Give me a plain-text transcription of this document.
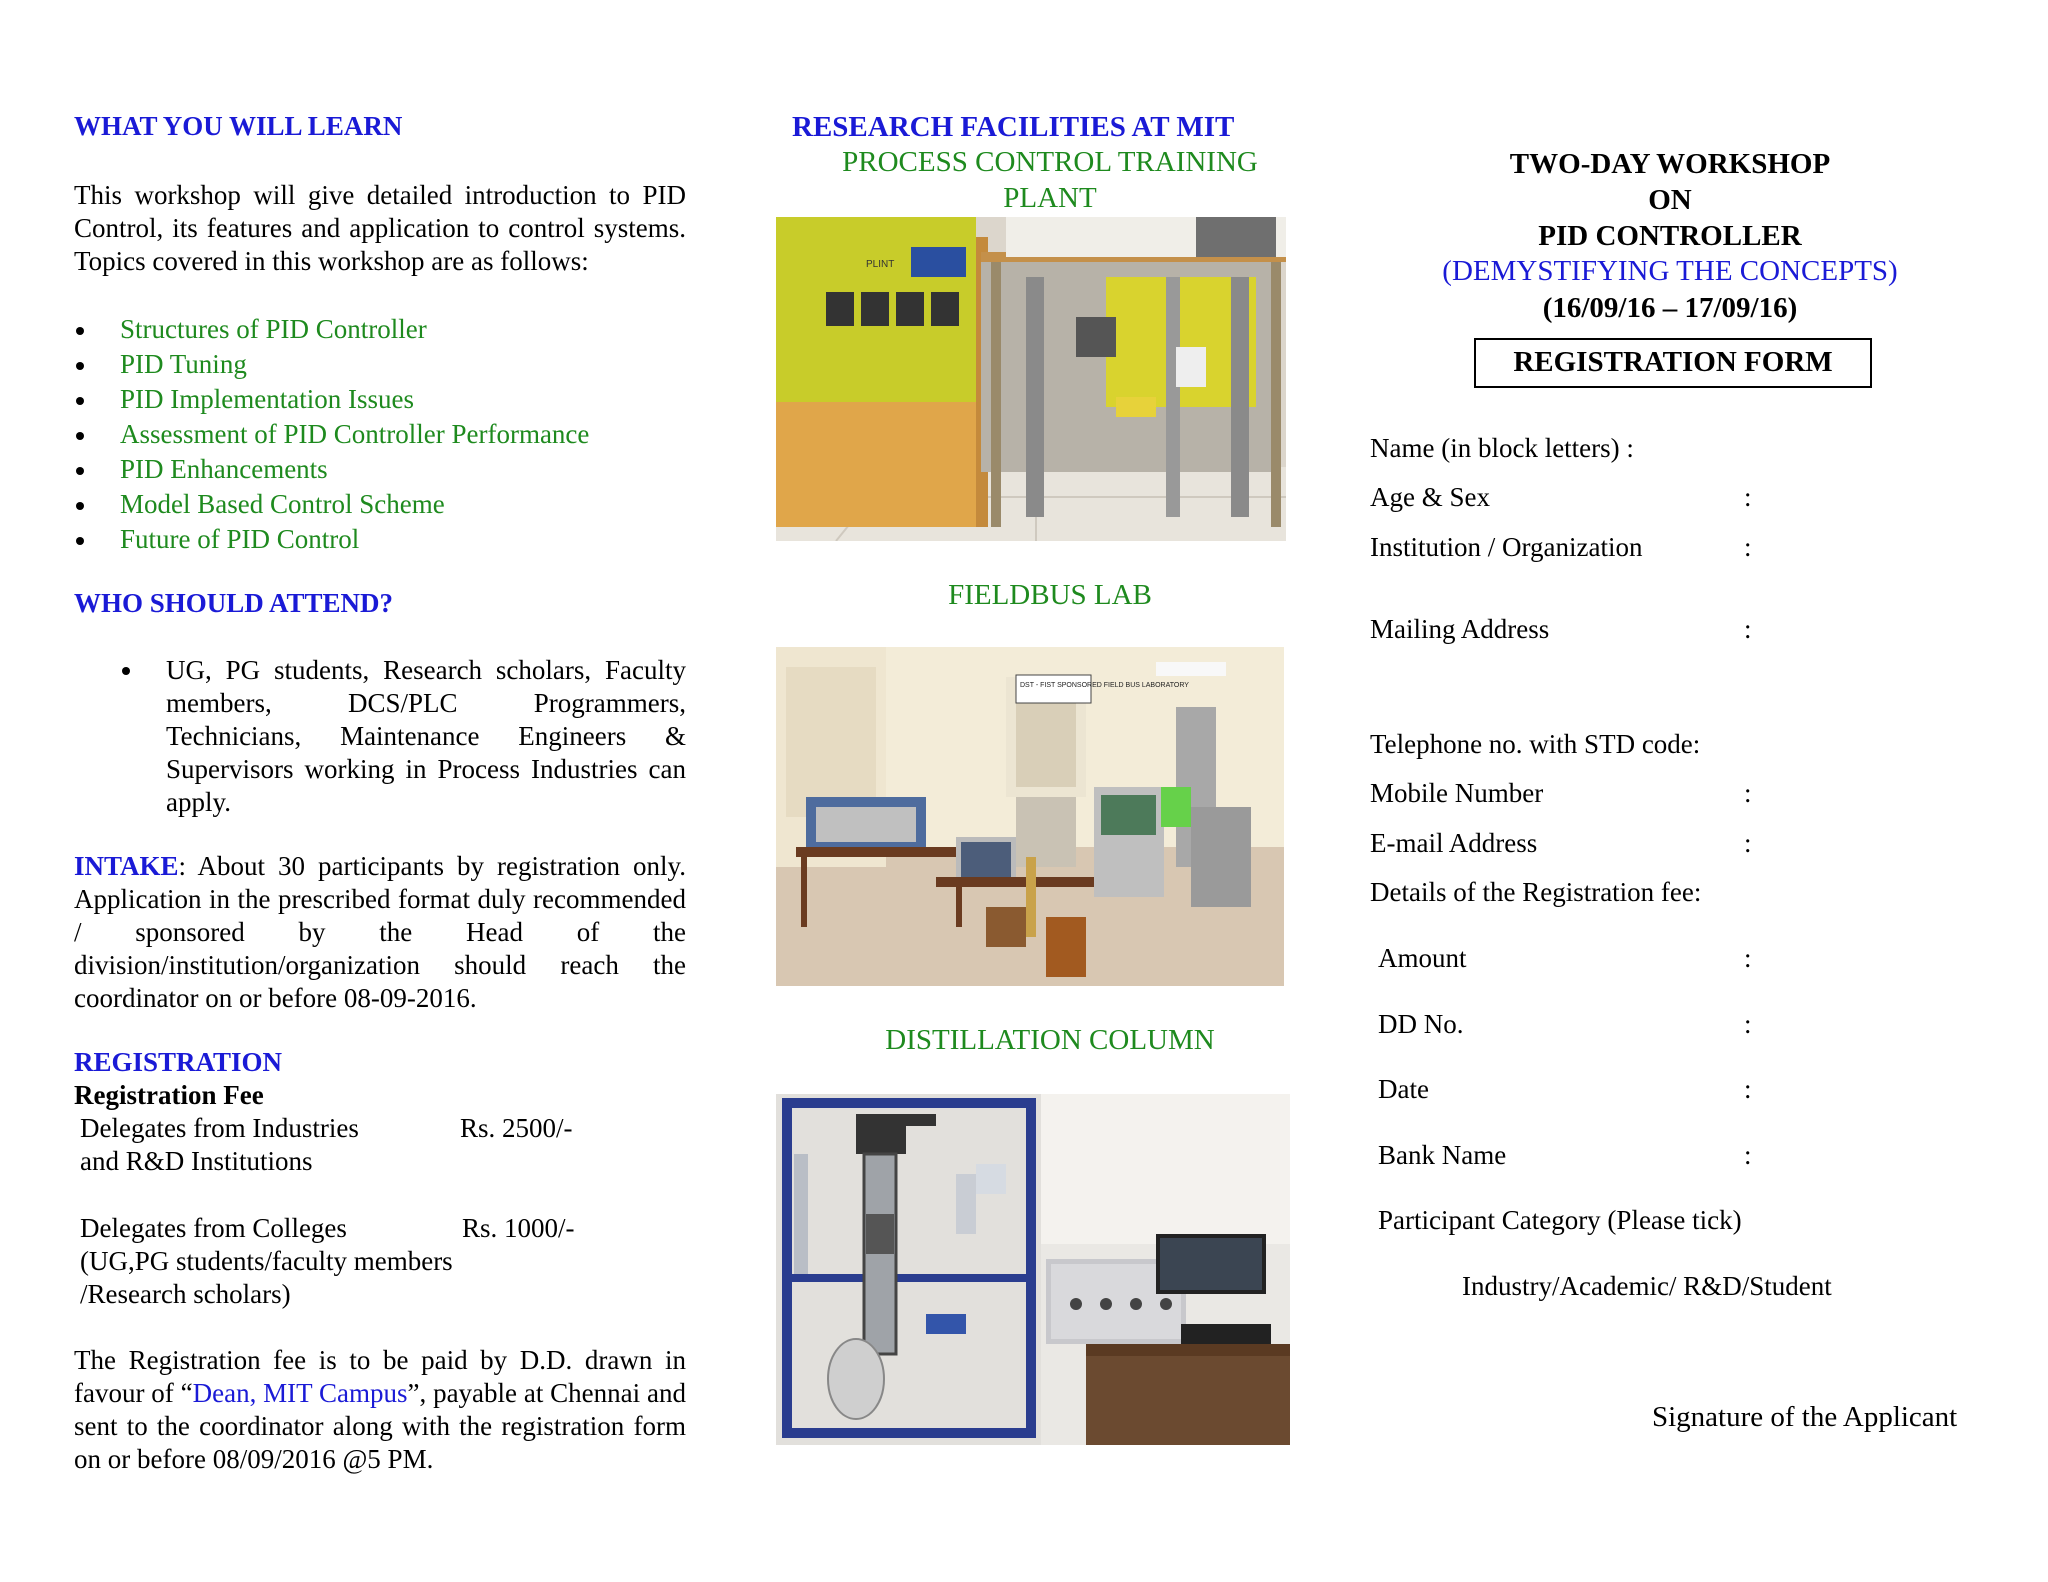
WHAT YOU WILL LEARN
This workshop will give detailed introduction to PID Control, its features and application to control systems. Topics covered in this workshop are as follows:
Structures of PID Controller
PID Tuning
PID Implementation Issues
Assessment of PID Controller Performance
PID Enhancements
Model Based Control Scheme
Future of PID Control
WHO SHOULD ATTEND?
UG, PG students, Research scholars, Faculty members, DCS/PLC Programmers, Technicians, Maintenance Engineers & Supervisors working in Process Industries can apply.
INTAKE: About 30 participants by registration only. Application in the prescribed format duly recommended / sponsored by the Head of the division/institution/organization should reach the coordinator on or before 08-09-2016.
REGISTRATION
Registration Fee
Delegates from Industries	Rs. 2500/-
and R&D Institutions
Delegates from Colleges	Rs. 1000/-
(UG,PG students/faculty members
/Research scholars)
The Registration fee is to be paid by D.D. drawn in favour of “Dean, MIT Campus”, payable at Chennai and sent to the coordinator along with the registration form on or before 08/09/2016 @5 PM.
RESEARCH FACILITIES AT MIT
PROCESS CONTROL TRAINING
PLANT
PLINT
FIELDBUS LAB
DST - FIST SPONSORED FIELD BUS LABORATORY
DISTILLATION COLUMN
TWO-DAY WORKSHOP
ON
PID CONTROLLER
(DEMYSTIFYING THE CONCEPTS)
(16/09/16 – 17/09/16)
REGISTRATION FORM
Name (in block letters) :
Age & Sex	:
Institution / Organization	:
Mailing Address	:
Telephone no. with STD code:
Mobile Number	:
E-mail Address	:
Details of the Registration fee:
Amount	:
DD No.	:
Date	:
Bank Name	:
Participant Category (Please tick)
Industry/Academic/ R&D/Student
Signature of the Applicant
